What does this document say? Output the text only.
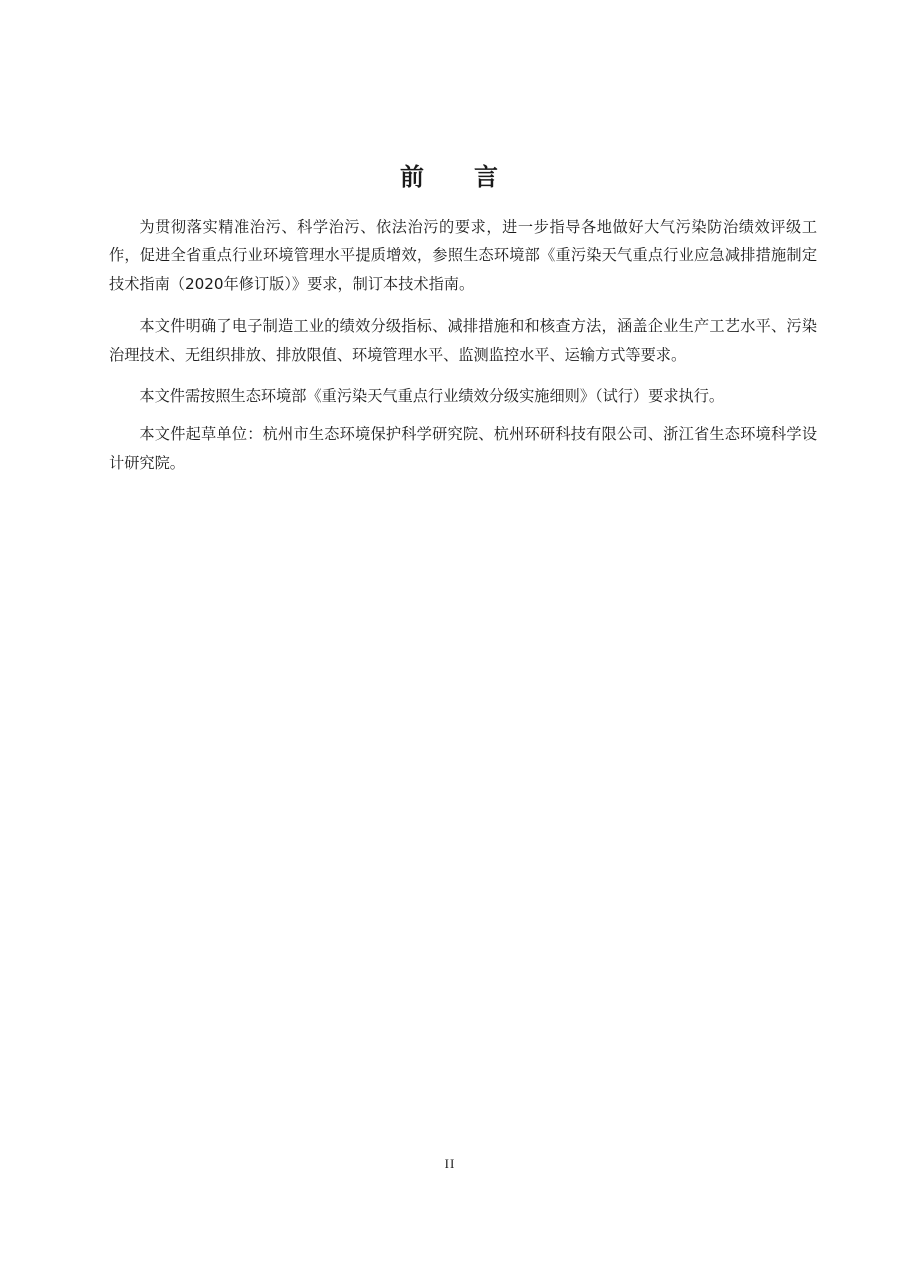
前 言

为贯彻落实精准治污、科学治污、依法治污的要求，进一步指导各地做好大气污染防治绩效评级工作，促进全省重点行业环境管理水平提质增效，参照生态环境部《重污染天气重点行业应急减排措施制定技术指南（2020年修订版）》要求，制订本技术指南。

本文件明确了电子制造工业的绩效分级指标、减排措施和和核查方法，涵盖企业生产工艺水平、污染治理技术、无组织排放、排放限值、环境管理水平、监测监控水平、运输方式等要求。

本文件需按照生态环境部《重污染天气重点行业绩效分级实施细则》（试行）要求执行。

本文件起草单位：杭州市生态环境保护科学研究院、杭州环研科技有限公司、浙江省生态环境科学设计研究院。

II
